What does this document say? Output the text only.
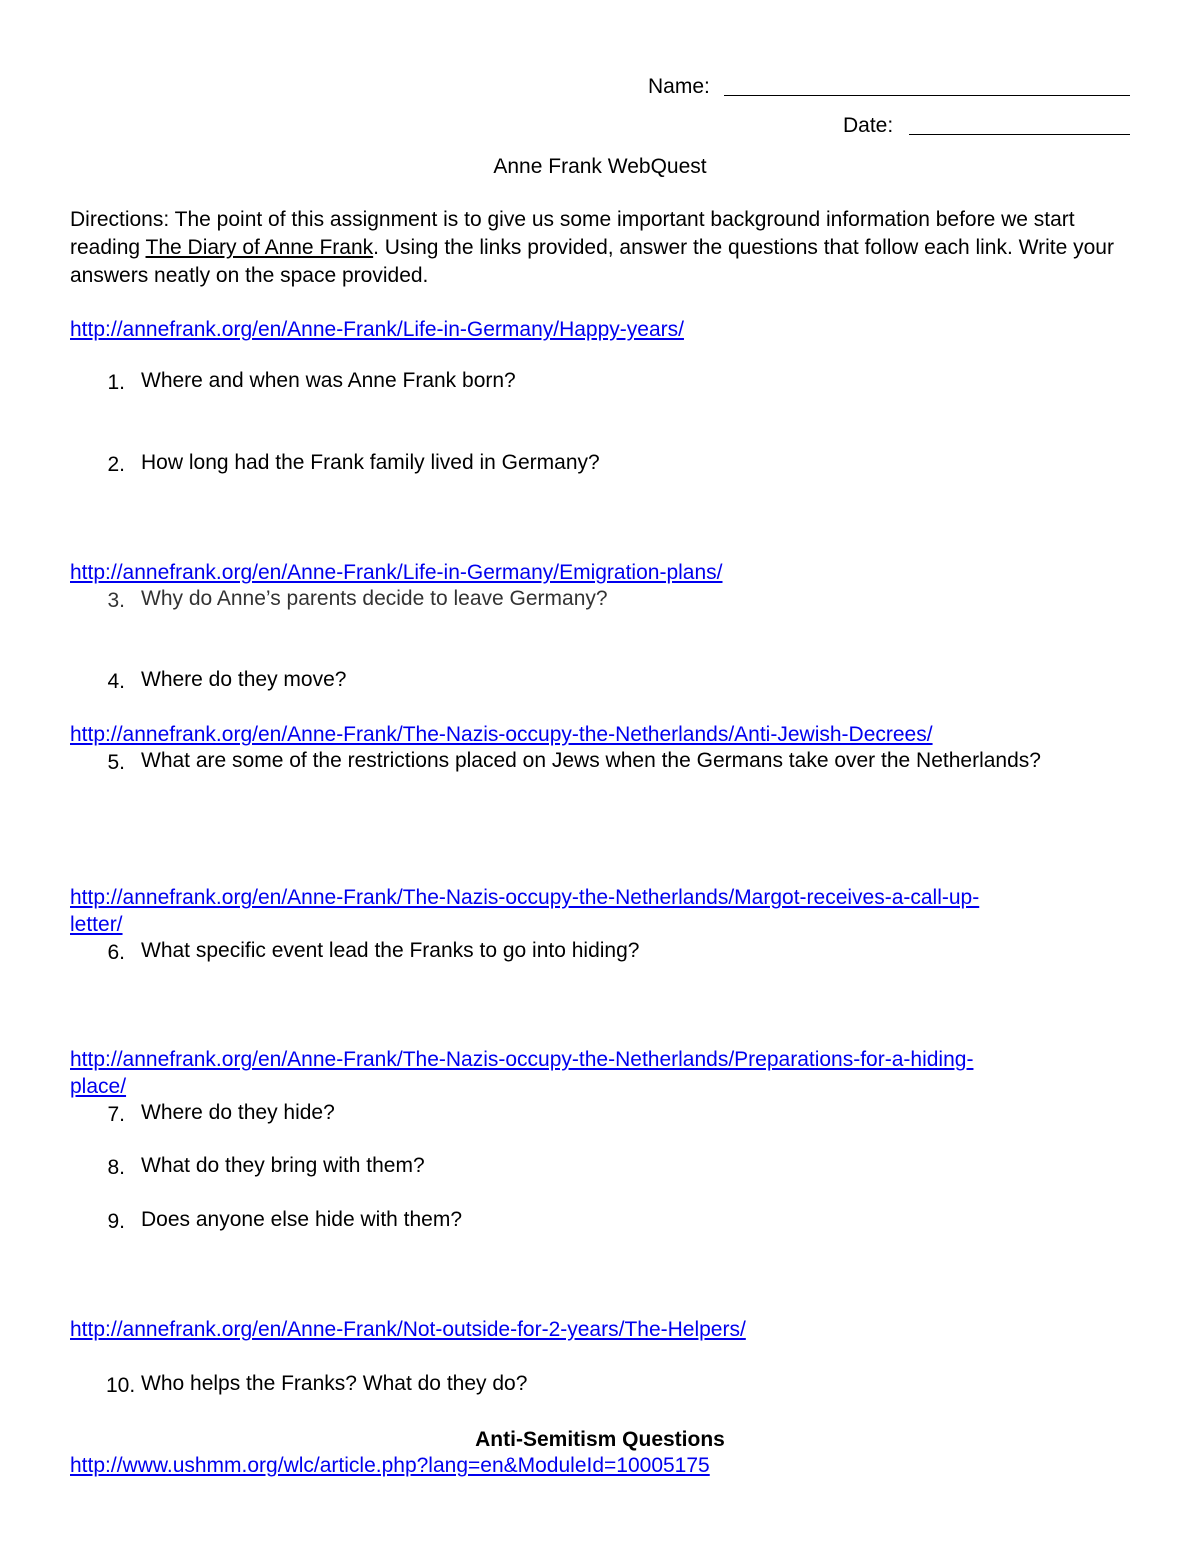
Name:
Date:
Anne Frank WebQuest
Directions: The point of this assignment is to give us some important background information before we start reading The Diary of Anne Frank. Using the links provided, answer the questions that follow each link. Write your answers neatly on the space provided.
http://annefrank.org/en/Anne-Frank/Life-in-Germany/Happy-years/
1. Where and when was Anne Frank born?
2. How long had the Frank family lived in Germany?
http://annefrank.org/en/Anne-Frank/Life-in-Germany/Emigration-plans/
3. Why do Anne’s parents decide to leave Germany?
4. Where do they move?
http://annefrank.org/en/Anne-Frank/The-Nazis-occupy-the-Netherlands/Anti-Jewish-Decrees/
5. What are some of the restrictions placed on Jews when the Germans take over the Netherlands?
http://annefrank.org/en/Anne-Frank/The-Nazis-occupy-the-Netherlands/Margot-receives-a-call-up-
letter/
6. What specific event lead the Franks to go into hiding?
http://annefrank.org/en/Anne-Frank/The-Nazis-occupy-the-Netherlands/Preparations-for-a-hiding-
place/
7. Where do they hide?
8. What do they bring with them?
9. Does anyone else hide with them?
http://annefrank.org/en/Anne-Frank/Not-outside-for-2-years/The-Helpers/
10. Who helps the Franks? What do they do?
Anti-Semitism Questions
http://www.ushmm.org/wlc/article.php?lang=en&ModuleId=10005175
